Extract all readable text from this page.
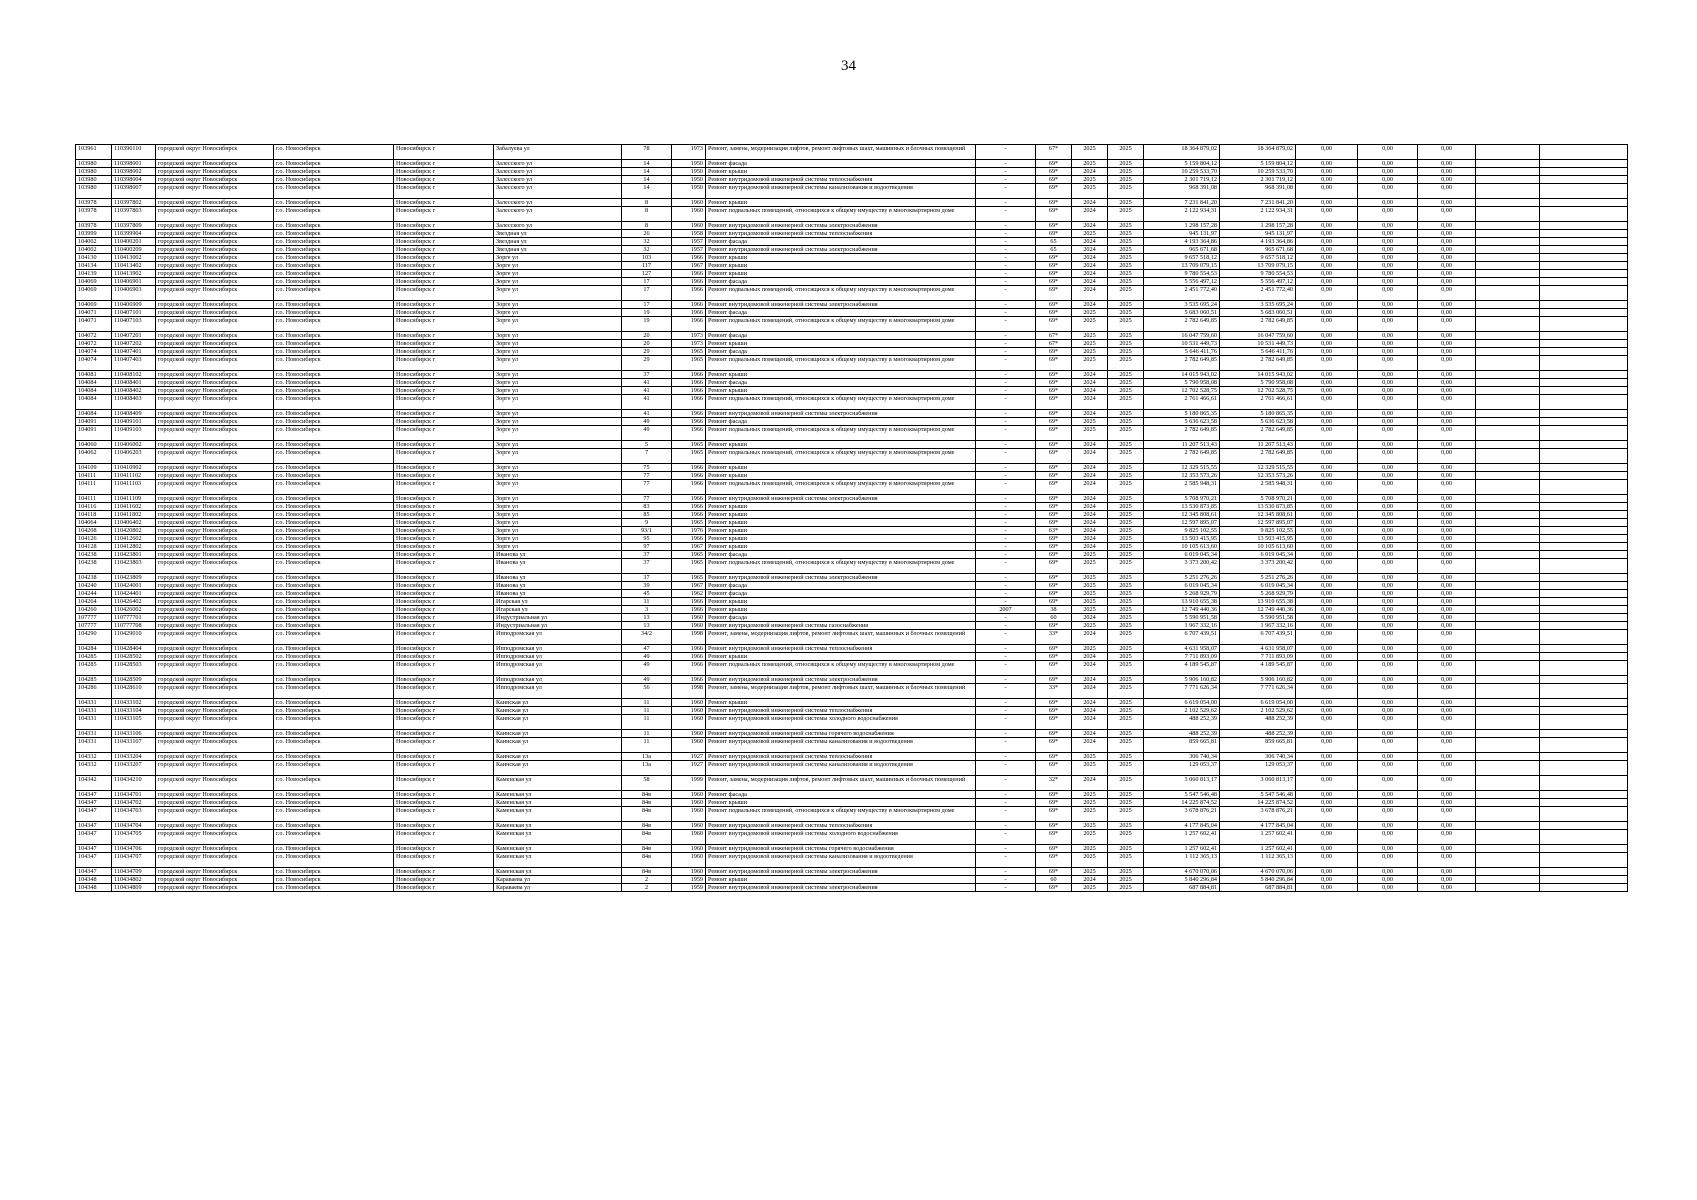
34
103961	110396110	городской округ Новосибирск	г.о. Новосибирск	Новосибирск г	Забалуева ул	78	1973	Ремонт, замена, модернизация лифтов, ремонт лифтовых шахт, машинных и блочных помещений	-	67*	2025	2025	18 364 879,02	18 364 879,02	0,00	0,00	0,00		
103980	110398001	городской округ Новосибирск	г.о. Новосибирск	Новосибирск г	Залесского ул	14	1950	Ремонт фасада	-	69*	2025	2025	5 159 804,12	5 159 804,12	0,00	0,00	0,00		
103980	110398002	городской округ Новосибирск	г.о. Новосибирск	Новосибирск г	Залесского ул	14	1950	Ремонт крыши	-	69*	2024	2025	10 259 533,70	10 259 533,70	0,00	0,00	0,00		
103980	110398004	городской округ Новосибирск	г.о. Новосибирск	Новосибирск г	Залесского ул	14	1950	Ремонт внутридомовой инженерной системы теплоснабжения	-	69*	2025	2025	2 301 719,12	2 301 719,12	0,00	0,00	0,00		
103980	110398007	городской округ Новосибирск	г.о. Новосибирск	Новосибирск г	Залесского ул	14	1950	Ремонт внутридомовой инженерной системы канализования и водоотведения	-	69*	2025	2025	968 391,08	968 391,08	0,00	0,00	0,00		
103978	110397802	городской округ Новосибирск	г.о. Новосибирск	Новосибирск г	Залесского ул	8	1960	Ремонт крыши	-	69*	2024	2025	7 231 841,20	7 231 841,20	0,00	0,00	0,00		
103978	110397803	городской округ Новосибирск	г.о. Новосибирск	Новосибирск г	Залесского ул	8	1960	Ремонт подвальных помещений, относящихся к общему имуществу в многоквартирном доме	-	69*	2024	2025	2 122 934,31	2 122 934,31	0,00	0,00	0,00		
103978	110397809	городской округ Новосибирск	г.о. Новосибирск	Новосибирск г	Залесского ул	8	1960	Ремонт внутридомовой инженерной системы электроснабжения	-	69*	2024	2025	1 298 157,28	1 298 157,28	0,00	0,00	0,00		
103999	110399904	городской округ Новосибирск	г.о. Новосибирск	Новосибирск г	Звездная ул	26	1958	Ремонт внутридомовой инженерной системы теплоснабжения	-	69*	2025	2025	945 131,97	945 131,97	0,00	0,00	0,00		
104002	110400201	городской округ Новосибирск	г.о. Новосибирск	Новосибирск г	Звездная ул	32	1957	Ремонт фасада	-	65	2024	2025	4 193 364,86	4 193 364,86	0,00	0,00	0,00		
104002	110400209	городской округ Новосибирск	г.о. Новосибирск	Новосибирск г	Звездная ул	32	1957	Ремонт внутридомовой инженерной системы электроснабжения	-	65	2024	2025	965 671,68	965 671,68	0,00	0,00	0,00		
104130	110413002	городской округ Новосибирск	г.о. Новосибирск	Новосибирск г	Зорге ул	103	1966	Ремонт крыши	-	69*	2024	2025	9 657 518,12	9 657 518,12	0,00	0,00	0,00		
104134	110413402	городской округ Новосибирск	г.о. Новосибирск	Новосибирск г	Зорге ул	117	1967	Ремонт крыши	-	69*	2024	2025	13 709 079,15	13 709 079,15	0,00	0,00	0,00		
104139	110413902	городской округ Новосибирск	г.о. Новосибирск	Новосибирск г	Зорге ул	127	1966	Ремонт крыши	-	69*	2024	2025	9 780 554,53	9 780 554,53	0,00	0,00	0,00		
104069	110406901	городской округ Новосибирск	г.о. Новосибирск	Новосибирск г	Зорге ул	17	1966	Ремонт фасада	-	69*	2024	2025	5 556 497,12	5 556 497,12	0,00	0,00	0,00		
104069	110406903	городской округ Новосибирск	г.о. Новосибирск	Новосибирск г	Зорге ул	17	1966	Ремонт подвальных помещений, относящихся к общему имуществу в многоквартирном доме	-	69*	2024	2025	2 451 772,40	2 451 772,40	0,00	0,00	0,00		
104069	110406909	городской округ Новосибирск	г.о. Новосибирск	Новосибирск г	Зорге ул	17	1966	Ремонт внутридомовой инженерной системы электроснабжения	-	69*	2024	2025	3 535 695,24	3 535 695,24	0,00	0,00	0,00		
104071	110407101	городской округ Новосибирск	г.о. Новосибирск	Новосибирск г	Зорге ул	19	1966	Ремонт фасада	-	69*	2025	2025	5 683 060,51	5 683 060,51	0,00	0,00	0,00		
104071	110407103	городской округ Новосибирск	г.о. Новосибирск	Новосибирск г	Зорге ул	19	1966	Ремонт подвальных помещений, относящихся к общему имуществу в многоквартирном доме	-	69*	2025	2025	2 782 649,85	2 782 649,85	0,00	0,00	0,00		
104072	110407201	городской округ Новосибирск	г.о. Новосибирск	Новосибирск г	Зорге ул	20	1973	Ремонт фасада	-	67*	2025	2025	16 047 759,60	16 047 759,60	0,00	0,00	0,00		
104072	110407202	городской округ Новосибирск	г.о. Новосибирск	Новосибирск г	Зорге ул	20	1973	Ремонт крыши	-	67*	2025	2025	10 531 449,73	10 531 449,73	0,00	0,00	0,00		
104074	110407401	городской округ Новосибирск	г.о. Новосибирск	Новосибирск г	Зорге ул	29	1965	Ремонт фасада	-	69*	2025	2025	5 646 411,76	5 646 411,76	0,00	0,00	0,00		
104074	110407403	городской округ Новосибирск	г.о. Новосибирск	Новосибирск г	Зорге ул	29	1965	Ремонт подвальных помещений, относящихся к общему имуществу в многоквартирном доме	-	69*	2025	2025	2 782 649,85	2 782 649,85	0,00	0,00	0,00		
104081	110408102	городской округ Новосибирск	г.о. Новосибирск	Новосибирск г	Зорге ул	37	1966	Ремонт крыши	-	69*	2024	2025	14 015 943,02	14 015 943,02	0,00	0,00	0,00		
104084	110408401	городской округ Новосибирск	г.о. Новосибирск	Новосибирск г	Зорге ул	41	1966	Ремонт фасада	-	69*	2024	2025	5 790 958,08	5 790 958,08	0,00	0,00	0,00		
104084	110408402	городской округ Новосибирск	г.о. Новосибирск	Новосибирск г	Зорге ул	41	1966	Ремонт крыши	-	69*	2024	2025	12 702 528,75	12 702 528,75	0,00	0,00	0,00		
104084	110408403	городской округ Новосибирск	г.о. Новосибирск	Новосибирск г	Зорге ул	41	1966	Ремонт подвальных помещений, относящихся к общему имуществу в многоквартирном доме	-	69*	2024	2025	2 761 466,61	2 761 466,61	0,00	0,00	0,00		
104084	110408409	городской округ Новосибирск	г.о. Новосибирск	Новосибирск г	Зорге ул	41	1966	Ремонт внутридомовой инженерной системы электроснабжения	-	69*	2024	2025	5 180 865,35	5 180 865,35	0,00	0,00	0,00		
104091	110409101	городской округ Новосибирск	г.о. Новосибирск	Новосибирск г	Зорге ул	49	1966	Ремонт фасада	-	69*	2025	2025	5 636 623,58	5 636 623,58	0,00	0,00	0,00		
104091	110409103	городской округ Новосибирск	г.о. Новосибирск	Новосибирск г	Зорге ул	49	1966	Ремонт подвальных помещений, относящихся к общему имуществу в многоквартирном доме	-	69*	2025	2025	2 782 649,85	2 782 649,85	0,00	0,00	0,00		
104060	110406002	городской округ Новосибирск	г.о. Новосибирск	Новосибирск г	Зорге ул	5	1965	Ремонт крыши	-	69*	2024	2025	11 207 513,43	11 207 513,43	0,00	0,00	0,00		
104062	110406203	городской округ Новосибирск	г.о. Новосибирск	Новосибирск г	Зорге ул	7	1965	Ремонт подвальных помещений, относящихся к общему имуществу в многоквартирном доме	-	69*	2024	2025	2 782 649,85	2 782 649,85	0,00	0,00	0,00		
104109	110410902	городской округ Новосибирск	г.о. Новосибирск	Новосибирск г	Зорге ул	75	1966	Ремонт крыши	-	69*	2024	2025	12 329 515,55	12 329 515,55	0,00	0,00	0,00		
104111	110411102	городской округ Новосибирск	г.о. Новосибирск	Новосибирск г	Зорге ул	77	1966	Ремонт крыши	-	69*	2024	2025	12 353 573,26	12 353 573,26	0,00	0,00	0,00		
104111	110411103	городской округ Новосибирск	г.о. Новосибирск	Новосибирск г	Зорге ул	77	1966	Ремонт подвальных помещений, относящихся к общему имуществу в многоквартирном доме	-	69*	2024	2025	2 585 948,31	2 585 948,31	0,00	0,00	0,00		
104111	110411109	городской округ Новосибирск	г.о. Новосибирск	Новосибирск г	Зорге ул	77	1966	Ремонт внутридомовой инженерной системы электроснабжения	-	69*	2024	2025	5 708 970,21	5 708 970,21	0,00	0,00	0,00		
104116	110411602	городской округ Новосибирск	г.о. Новосибирск	Новосибирск г	Зорге ул	83	1966	Ремонт крыши	-	69*	2024	2025	13 530 873,85	13 530 873,85	0,00	0,00	0,00		
104118	110411802	городской округ Новосибирск	г.о. Новосибирск	Новосибирск г	Зорге ул	85	1966	Ремонт крыши	-	69*	2024	2025	12 345 808,61	12 345 808,61	0,00	0,00	0,00		
104064	110406402	городской округ Новосибирск	г.о. Новосибирск	Новосибирск г	Зорге ул	9	1965	Ремонт крыши	-	69*	2024	2025	12 597 895,07	12 597 895,07	0,00	0,00	0,00		
104208	110420802	городской округ Новосибирск	г.о. Новосибирск	Новосибирск г	Зорге ул	93/1	1976	Ремонт крыши	-	63*	2024	2025	9 825 102,55	9 825 102,55	0,00	0,00	0,00		
104126	110412602	городской округ Новосибирск	г.о. Новосибирск	Новосибирск г	Зорге ул	95	1966	Ремонт крыши	-	69*	2024	2025	13 503 415,95	13 503 415,95	0,00	0,00	0,00		
104128	110412802	городской округ Новосибирск	г.о. Новосибирск	Новосибирск г	Зорге ул	97	1967	Ремонт крыши	-	69*	2024	2025	10 105 613,60	10 105 613,60	0,00	0,00	0,00		
104238	110423801	городской округ Новосибирск	г.о. Новосибирск	Новосибирск г	Иванова ул	37	1965	Ремонт фасада	-	69*	2025	2025	6 019 045,34	6 019 045,34	0,00	0,00	0,00		
104238	110423803	городской округ Новосибирск	г.о. Новосибирск	Новосибирск г	Иванова ул	37	1965	Ремонт подвальных помещений, относящихся к общему имуществу в многоквартирном доме	-	69*	2025	2025	3 373 200,42	3 373 200,42	0,00	0,00	0,00		
104238	110423809	городской округ Новосибирск	г.о. Новосибирск	Новосибирск г	Иванова ул	37	1965	Ремонт внутридомовой инженерной системы электроснабжения	-	69*	2025	2025	5 251 276,26	5 251 276,26	0,00	0,00	0,00		
104240	110424001	городской округ Новосибирск	г.о. Новосибирск	Новосибирск г	Иванова ул	39	1967	Ремонт фасада	-	69*	2025	2025	6 019 045,34	6 019 045,34	0,00	0,00	0,00		
104244	110424401	городской округ Новосибирск	г.о. Новосибирск	Новосибирск г	Иванова ул	45	1962	Ремонт фасада	-	69*	2025	2025	5 268 929,79	5 268 929,79	0,00	0,00	0,00		
104264	110426402	городской округ Новосибирск	г.о. Новосибирск	Новосибирск г	Игарская ул	11	1966	Ремонт крыши	-	69*	2025	2025	13 910 655,38	13 910 655,38	0,00	0,00	0,00		
104260	110426002	городской округ Новосибирск	г.о. Новосибирск	Новосибирск г	Игарская ул	3	1966	Ремонт крыши	2007	38	2025	2025	12 749 440,36	12 749 440,36	0,00	0,00	0,00		
107777	110777701	городской округ Новосибирск	г.о. Новосибирск	Новосибирск г	Индустриальная ул	13	1960	Ремонт фасада	-	60	2024	2025	5 590 951,58	5 590 951,58	0,00	0,00	0,00		
107777	110777708	городской округ Новосибирск	г.о. Новосибирск	Новосибирск г	Индустриальная ул	13	1960	Ремонт внутридомовой инженерной системы газоснабжения	-	69*	2025	2025	1 967 332,16	1 967 332,16	0,00	0,00	0,00		
104290	110429010	городской округ Новосибирск	г.о. Новосибирск	Новосибирск г	Ипподромская ул	34/2	1998	Ремонт, замена, модернизация лифтов, ремонт лифтовых шахт, машинных и блочных помещений	-	33*	2024	2025	6 707 439,51	6 707 439,51	0,00	0,00	0,00		
104284	110428404	городской округ Новосибирск	г.о. Новосибирск	Новосибирск г	Ипподромская ул	47	1966	Ремонт внутридомовой инженерной системы теплоснабжения	-	69*	2025	2025	4 631 958,07	4 631 958,07	0,00	0,00	0,00		
104285	110428502	городской округ Новосибирск	г.о. Новосибирск	Новосибирск г	Ипподромская ул	49	1966	Ремонт крыши	-	69*	2024	2025	7 711 893,09	7 711 893,09	0,00	0,00	0,00		
104285	110428503	городской округ Новосибирск	г.о. Новосибирск	Новосибирск г	Ипподромская ул	49	1966	Ремонт подвальных помещений, относящихся к общему имуществу в многоквартирном доме	-	69*	2024	2025	4 189 545,87	4 189 545,87	0,00	0,00	0,00		
104285	110428509	городской округ Новосибирск	г.о. Новосибирск	Новосибирск г	Ипподромская ул	49	1966	Ремонт внутридомовой инженерной системы электроснабжения	-	69*	2024	2025	5 906 160,82	5 906 160,82	0,00	0,00	0,00		
104286	110428610	городской округ Новосибирск	г.о. Новосибирск	Новосибирск г	Ипподромская ул	56	1998	Ремонт, замена, модернизация лифтов, ремонт лифтовых шахт, машинных и блочных помещений	-	33*	2024	2025	7 771 626,34	7 771 626,34	0,00	0,00	0,00		
104331	110433102	городской округ Новосибирск	г.о. Новосибирск	Новосибирск г	Каинская ул	11	1960	Ремонт крыши	-	69*	2024	2025	6 619 054,00	6 619 054,00	0,00	0,00	0,00		
104331	110433104	городской округ Новосибирск	г.о. Новосибирск	Новосибирск г	Каинская ул	11	1960	Ремонт внутридомовой инженерной системы теплоснабжения	-	69*	2024	2025	2 102 529,62	2 102 529,62	0,00	0,00	0,00		
104331	110433105	городской округ Новосибирск	г.о. Новосибирск	Новосибирск г	Каинская ул	11	1960	Ремонт внутридомовой инженерной системы холодного водоснабжения	-	69*	2024	2025	488 252,39	488 252,39	0,00	0,00	0,00		
104331	110433106	городской округ Новосибирск	г.о. Новосибирск	Новосибирск г	Каинская ул	11	1960	Ремонт внутридомовой инженерной системы горячего водоснабжения	-	69*	2024	2025	488 252,39	488 252,39	0,00	0,00	0,00		
104331	110433107	городской округ Новосибирск	г.о. Новосибирск	Новосибирск г	Каинская ул	11	1960	Ремонт внутридомовой инженерной системы канализования и водоотведения	-	69*	2024	2025	859 665,81	859 665,81	0,00	0,00	0,00		
104332	110433204	городской округ Новосибирск	г.о. Новосибирск	Новосибирск г	Каинская ул	13а	1927	Ремонт внутридомовой инженерной системы теплоснабжения	-	69*	2025	2025	306 740,34	306 740,34	0,00	0,00	0,00		
104332	110433207	городской округ Новосибирск	г.о. Новосибирск	Новосибирск г	Каинская ул	13а	1927	Ремонт внутридомовой инженерной системы канализования и водоотведения	-	69*	2025	2025	129 053,37	129 053,37	0,00	0,00	0,00		
104342	110434210	городской округ Новосибирск	г.о. Новосибирск	Новосибирск г	Каменская ул	58	1999	Ремонт, замена, модернизация лифтов, ремонт лифтовых шахт, машинных и блочных помещений	-	32*	2024	2025	3 060 813,17	3 060 813,17	0,00	0,00	0,00		
104347	110434701	городской округ Новосибирск	г.о. Новосибирск	Новосибирск г	Каменская ул	84в	1960	Ремонт фасада	-	69*	2025	2025	5 547 546,48	5 547 546,48	0,00	0,00	0,00		
104347	110434702	городской округ Новосибирск	г.о. Новосибирск	Новосибирск г	Каменская ул	84в	1960	Ремонт крыши	-	69*	2025	2025	14 225 874,52	14 225 874,52	0,00	0,00	0,00		
104347	110434703	городской округ Новосибирск	г.о. Новосибирск	Новосибирск г	Каменская ул	84в	1960	Ремонт подвальных помещений, относящихся к общему имуществу в многоквартирном доме	-	69*	2025	2025	3 678 876,21	3 678 876,21	0,00	0,00	0,00		
104347	110434704	городской округ Новосибирск	г.о. Новосибирск	Новосибирск г	Каменская ул	84в	1960	Ремонт внутридомовой инженерной системы теплоснабжения	-	69*	2025	2025	4 177 845,04	4 177 845,04	0,00	0,00	0,00		
104347	110434705	городской округ Новосибирск	г.о. Новосибирск	Новосибирск г	Каменская ул	84в	1960	Ремонт внутридомовой инженерной системы холодного водоснабжения	-	69*	2025	2025	1 257 602,41	1 257 602,41	0,00	0,00	0,00		
104347	110434706	городской округ Новосибирск	г.о. Новосибирск	Новосибирск г	Каменская ул	84в	1960	Ремонт внутридомовой инженерной системы горячего водоснабжения	-	69*	2025	2025	1 257 602,41	1 257 602,41	0,00	0,00	0,00		
104347	110434707	городской округ Новосибирск	г.о. Новосибирск	Новосибирск г	Каменская ул	84в	1960	Ремонт внутридомовой инженерной системы канализования и водоотведения	-	69*	2025	2025	1 112 365,13	1 112 365,13	0,00	0,00	0,00		
104347	110434709	городской округ Новосибирск	г.о. Новосибирск	Новосибирск г	Каменская ул	84в	1960	Ремонт внутридомовой инженерной системы электроснабжения	-	69*	2025	2025	4 670 070,06	4 670 070,06	0,00	0,00	0,00		
104348	110434802	городской округ Новосибирск	г.о. Новосибирск	Новосибирск г	Караваева ул	2	1959	Ремонт крыши	-	60	2024	2025	5 840 296,84	5 840 296,84	0,00	0,00	0,00		
104348	110434809	городской округ Новосибирск	г.о. Новосибирск	Новосибирск г	Караваева ул	2	1959	Ремонт внутридомовой инженерной системы электроснабжения	-	69*	2025	2025	687 884,81	687 884,81	0,00	0,00	0,00		
